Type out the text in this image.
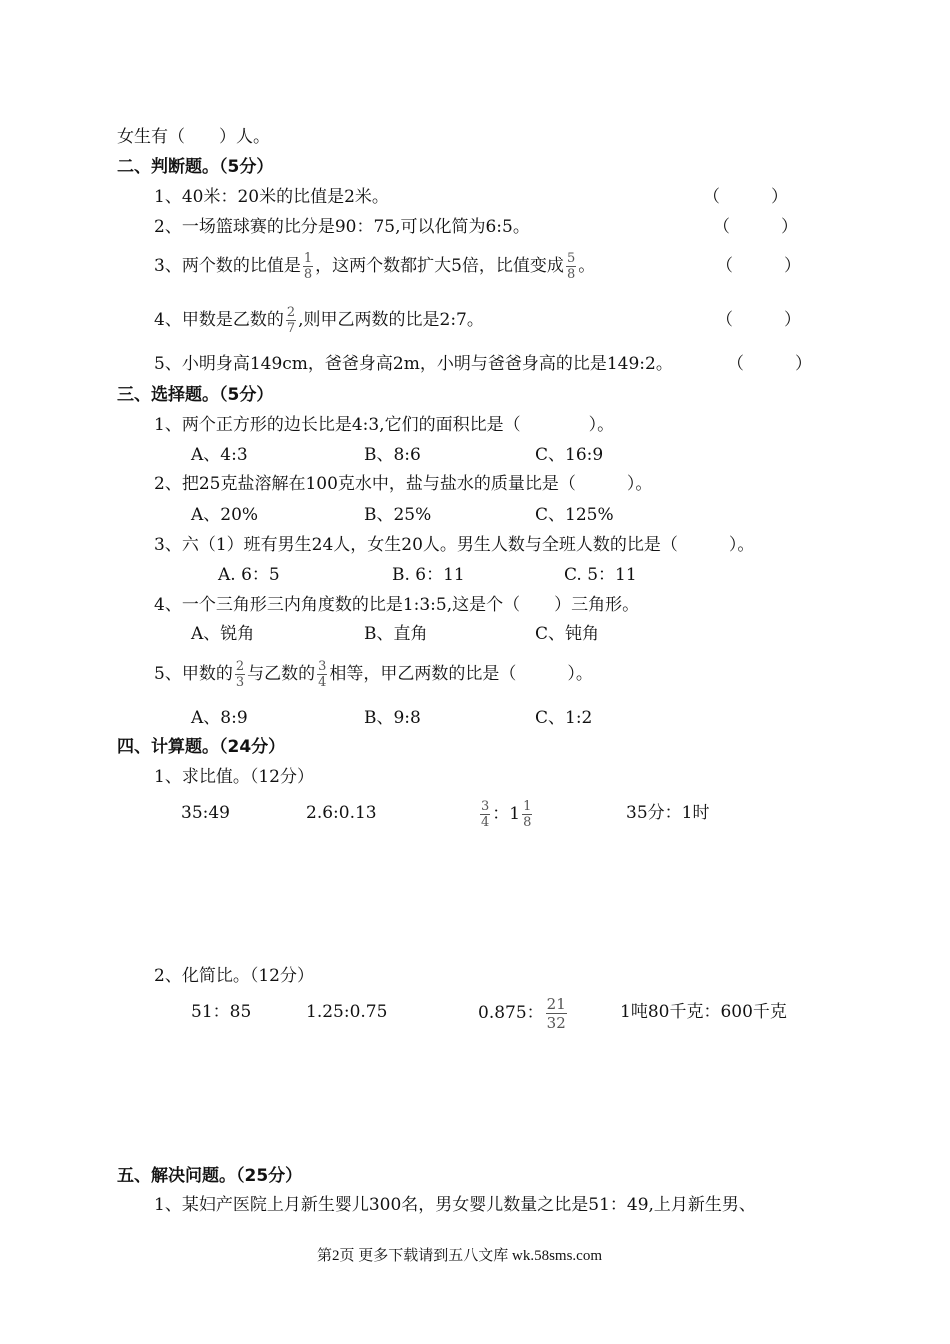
女生有（　　）人。
二、判断题。（5分）
1、40米：20米的比值是2米。	（　　　）
2、一场篮球赛的比分是90：75,可以化简为6:5。	（　　　）
3、两个数的比值是 $\frac{1}{8}$ ，这两个数都扩大5倍，比值变成 $\frac{5}{8}$ 。	（　　　）
4、甲数是乙数的 $\frac{2}{7}$ ,则甲乙两数的比是2:7。	（　　　）
5、小明身高149cm，爸爸身高2m，小明与爸爸身高的比是149:2。	（　　　）
三、选择题。（5分）
1、两个正方形的边长比是4:3,它们的面积比是（　　　　）。
A、4:3	B、8:6	C、16:9
2、把25克盐溶解在100克水中，盐与盐水的质量比是（　　　）。
A、20%	B、25%	C、125%
3、六（1）班有男生24人，女生20人。男生人数与全班人数的比是（　　　）。
A. 6：5	B. 6：11	C. 5：11
4、一个三角形三内角度数的比是1:3:5,这是个（　　）三角形。
A、锐角	B、直角	C、钝角
5、甲数的 $\frac{2}{3}$ 与乙数的 $\frac{3}{4}$ 相等，甲乙两数的比是（　　　）。
A、8:9	B、9:8	C、1:2
四、计算题。（24分）
1、求比值。（12分）
35:49	2.6:0.13	$\frac{3}{4}$ ：$1 \frac{1}{8}$	35分：1时
2、化简比。（12分）
51：85	1.25:0.75	0.875： $\frac{21}{32}$	1吨80千克：600千克
五、解决问题。（25分）
1、某妇产医院上月新生婴儿300名，男女婴儿数量之比是51：49,上月新生男、
第2页 更多下载请到五八文库 wk.58sms.com
